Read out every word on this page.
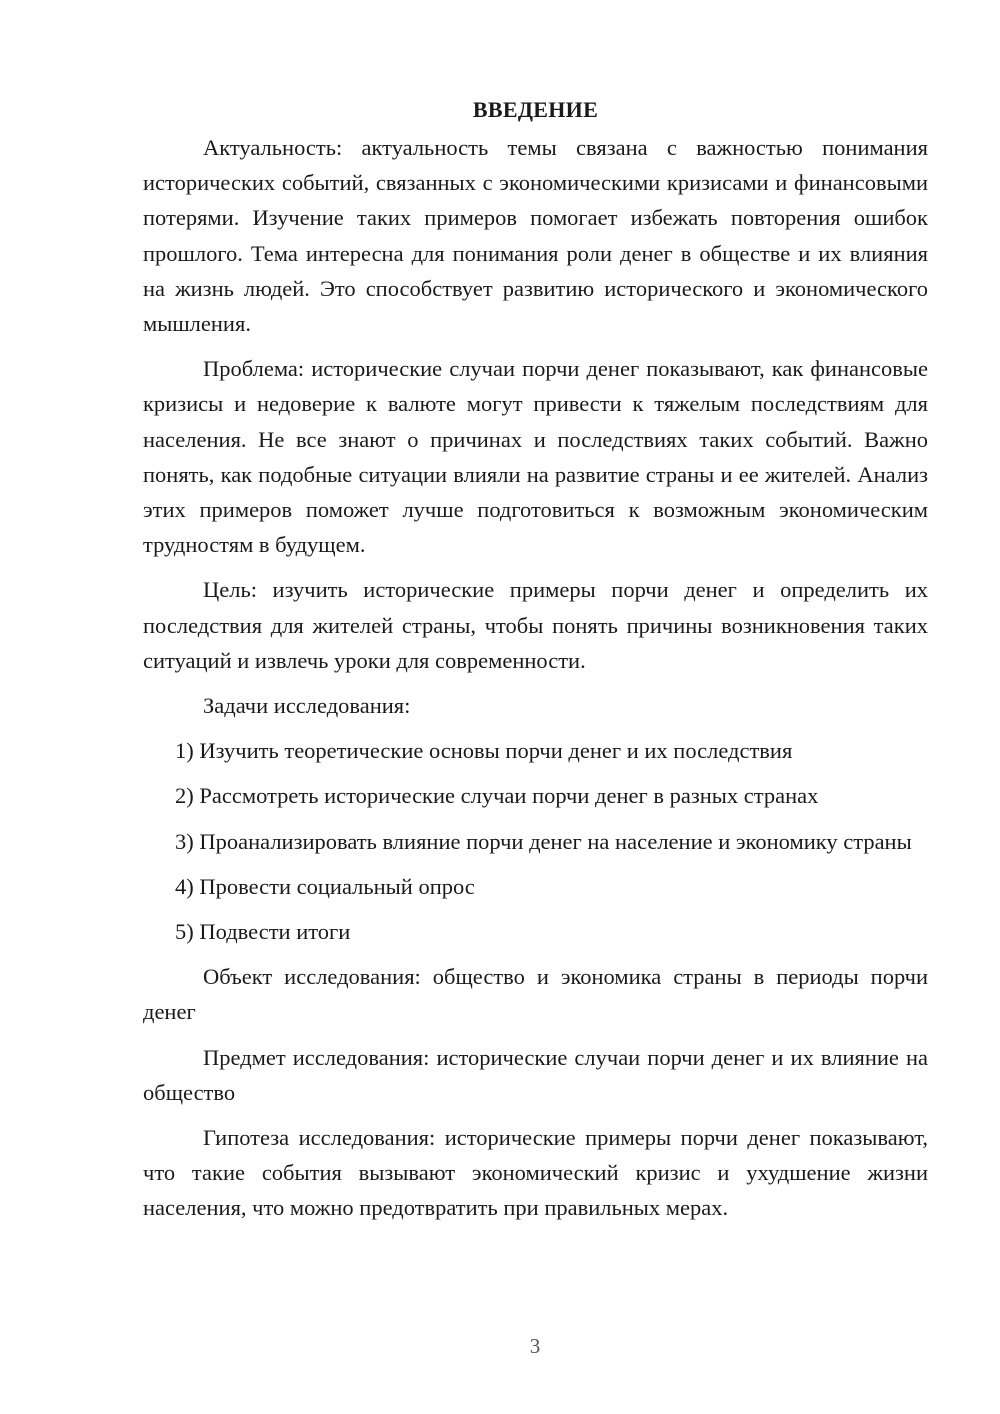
ВВЕДЕНИЕ

Актуальность: актуальность темы связана с важностью понимания исторических событий, связанных с экономическими кризисами и финансовыми потерями. Изучение таких примеров помогает избежать повторения ошибок прошлого. Тема интересна для понимания роли денег в обществе и их влияния на жизнь людей. Это способствует развитию исторического и экономического мышления.

Проблема: исторические случаи порчи денег показывают, как финансовые кризисы и недоверие к валюте могут привести к тяжелым последствиям для населения. Не все знают о причинах и последствиях таких событий. Важно понять, как подобные ситуации влияли на развитие страны и ее жителей. Анализ этих примеров поможет лучше подготовиться к возможным экономическим трудностям в будущем.

Цель: изучить исторические примеры порчи денег и определить их последствия для жителей страны, чтобы понять причины возникновения таких ситуаций и извлечь уроки для современности.

Задачи исследования:

1) Изучить теоретические основы порчи денег и их последствия

2) Рассмотреть исторические случаи порчи денег в разных странах

3) Проанализировать влияние порчи денег на население и экономику страны

4) Провести социальный опрос

5) Подвести итоги

Объект исследования: общество и экономика страны в периоды порчи денег

Предмет исследования: исторические случаи порчи денег и их влияние на общество

Гипотеза исследования: исторические примеры порчи денег показывают, что такие события вызывают экономический кризис и ухудшение жизни населения, что можно предотвратить при правильных мерах.

3
